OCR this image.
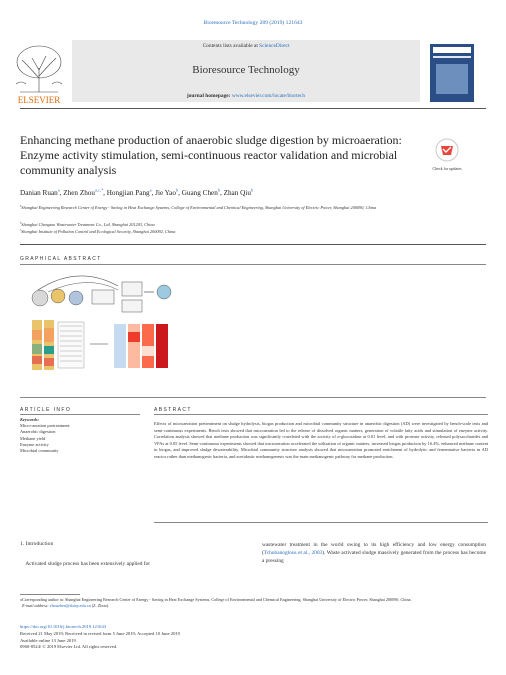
Bioresource Technology 289 (2019) 121643
ELSEVIER
Contents lists available at ScienceDirect
Bioresource Technology
journal homepage: www.elsevier.com/locate/biortech
Enhancing methane production of anaerobic sludge digestion by microaeration: Enzyme activity stimulation, semi-continuous reactor validation and microbial community analysis	Check for updates
Danian Ruan$^a$, Zhen Zhou$^{a,c,*}$, Hongjian Pang$^a$, Jie Yao$^b$, Guang Chen$^b$, Zhan Qiu$^b$
$^a$Shanghai Engineering Research Center of Energy - Saving in Heat Exchange Systems, College of Environmental and Chemical Engineering, Shanghai University of Electric Power, Shanghai 200090, China
$^b$Shanghai Chengtou Wastewater Treatment Co., Ltd, Shanghai 201203, China
$^c$Shanghai Institute of Pollution Control and Ecological Security, Shanghai 200092, China
GRAPHICAL ABSTRACT
ARTICLE INFO	ABSTRACT
Keywords:
Micro-aeration pretreatment
Anaerobic digestion
Methane yield
Enzyme activity
Microbial community
Effects of microaeration pretreatment on sludge hydrolysis, biogas production and microbial community structure in anaerobic digestion (AD) were investigated by bench-scale tests and semi-continuous experiments. Bench tests showed that microaeration led to the release of dissolved organic matters, generation of volatile fatty acids and stimulation of enzyme activity. Correlation analysis showed that methane production was significantly correlated with the activity of α-glucosidase at 0.01 level, and with protease activity, released polysaccharides and VFAs at 0.05 level. Semi-continuous experiments showed that microaeration accelerated the utilization of organic matters, increased biogas production by 16.4%, enhanced methane content in biogas, and improved sludge dewaterability. Microbial community structure analysis showed that microaeration promoted enrichment of hydrolytic and fermentative bacteria in AD reactor rather than methanogenic bacteria, and acetidastic methanogenesis was the main methanogenic pathway for methane production.
1. Introduction
Activated sludge process has been extensively applied for
wastewater treatment in the world owing to its high efficiency and low energy consumption (Tchobanoglous et al., 2003). Waste activated sludge massively generated from the process has become a pressing
⁎Corresponding author at: Shanghai Engineering Research Center of Energy - Saving in Heat Exchange Systems, College of Environmental and Chemical Engineering, Shanghai University of Electric Power, Shanghai 200090, China.
E-mail address: zhouzhen@shiep.edu.cn (Z. Zhou).
https://doi.org/10.1016/j.biortech.2019.121643
Received 21 May 2019; Received in revised form 5 June 2019; Accepted 10 June 2019
Available online 13 June 2019
0960-8524/ © 2019 Elsevier Ltd. All rights reserved.
